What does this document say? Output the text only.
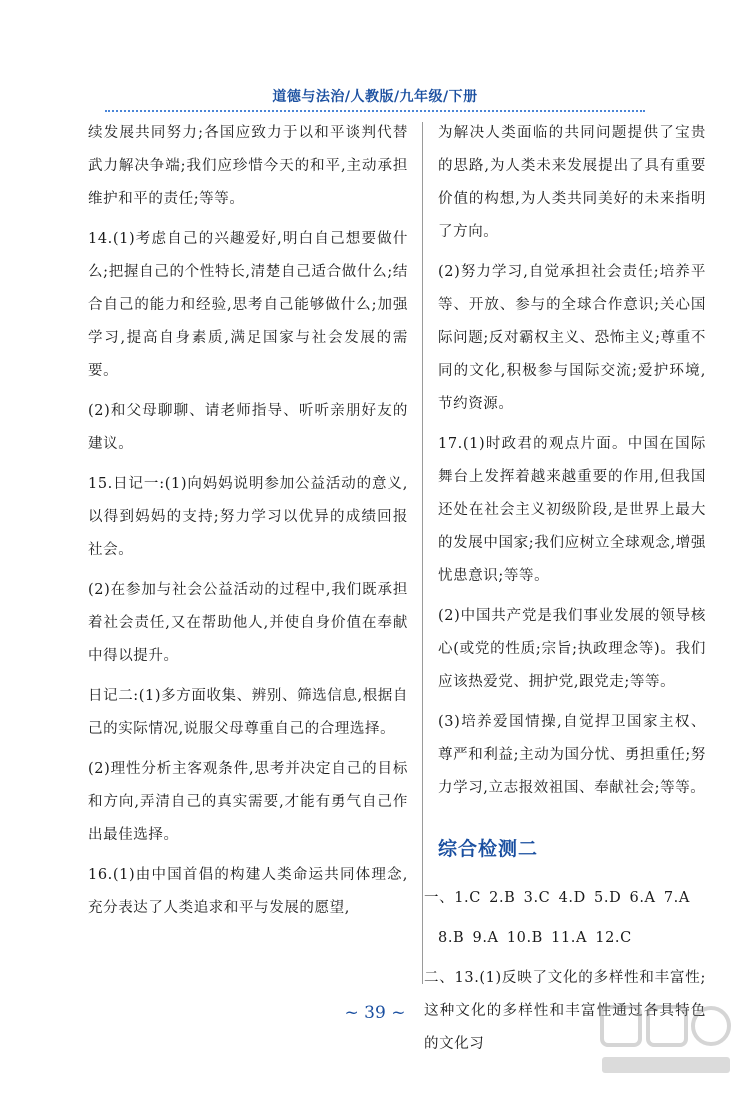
道德与法治/人教版/九年级/下册

续发展共同努力;各国应致力于以和平谈判代替武力解决争端;我们应珍惜今天的和平,主动承担维护和平的责任;等等。

14.(1)考虑自己的兴趣爱好,明白自己想要做什么;把握自己的个性特长,清楚自己适合做什么;结合自己的能力和经验,思考自己能够做什么;加强学习,提高自身素质,满足国家与社会发展的需要。

(2)和父母聊聊、请老师指导、听听亲朋好友的建议。

15.日记一:(1)向妈妈说明参加公益活动的意义,以得到妈妈的支持;努力学习以优异的成绩回报社会。

(2)在参加与社会公益活动的过程中,我们既承担着社会责任,又在帮助他人,并使自身价值在奉献中得以提升。

日记二:(1)多方面收集、辨别、筛选信息,根据自己的实际情况,说服父母尊重自己的合理选择。

(2)理性分析主客观条件,思考并决定自己的目标和方向,弄清自己的真实需要,才能有勇气自己作出最佳选择。

16.(1)由中国首倡的构建人类命运共同体理念,充分表达了人类追求和平与发展的愿望,

为解决人类面临的共同问题提供了宝贵的思路,为人类未来发展提出了具有重要价值的构想,为人类共同美好的未来指明了方向。

(2)努力学习,自觉承担社会责任;培养平等、开放、参与的全球合作意识;关心国际问题;反对霸权主义、恐怖主义;尊重不同的文化,积极参与国际交流;爱护环境,节约资源。

17.(1)时政君的观点片面。中国在国际舞台上发挥着越来越重要的作用,但我国还处在社会主义初级阶段,是世界上最大的发展中国家;我们应树立全球观念,增强忧患意识;等等。

(2)中国共产党是我们事业发展的领导核心(或党的性质;宗旨;执政理念等)。我们应该热爱党、拥护党,跟党走;等等。

(3)培养爱国情操,自觉捍卫国家主权、尊严和利益;主动为国分忧、勇担重任;努力学习,立志报效祖国、奉献社会;等等。

综合检测二

一、1.C 2.B 3.C 4.D 5.D 6.A 7.A

8.B 9.A 10.B 11.A 12.C

二、13.(1)反映了文化的多样性和丰富性;这种文化的多样性和丰富性通过各具特色的文化习

~ 39 ~
